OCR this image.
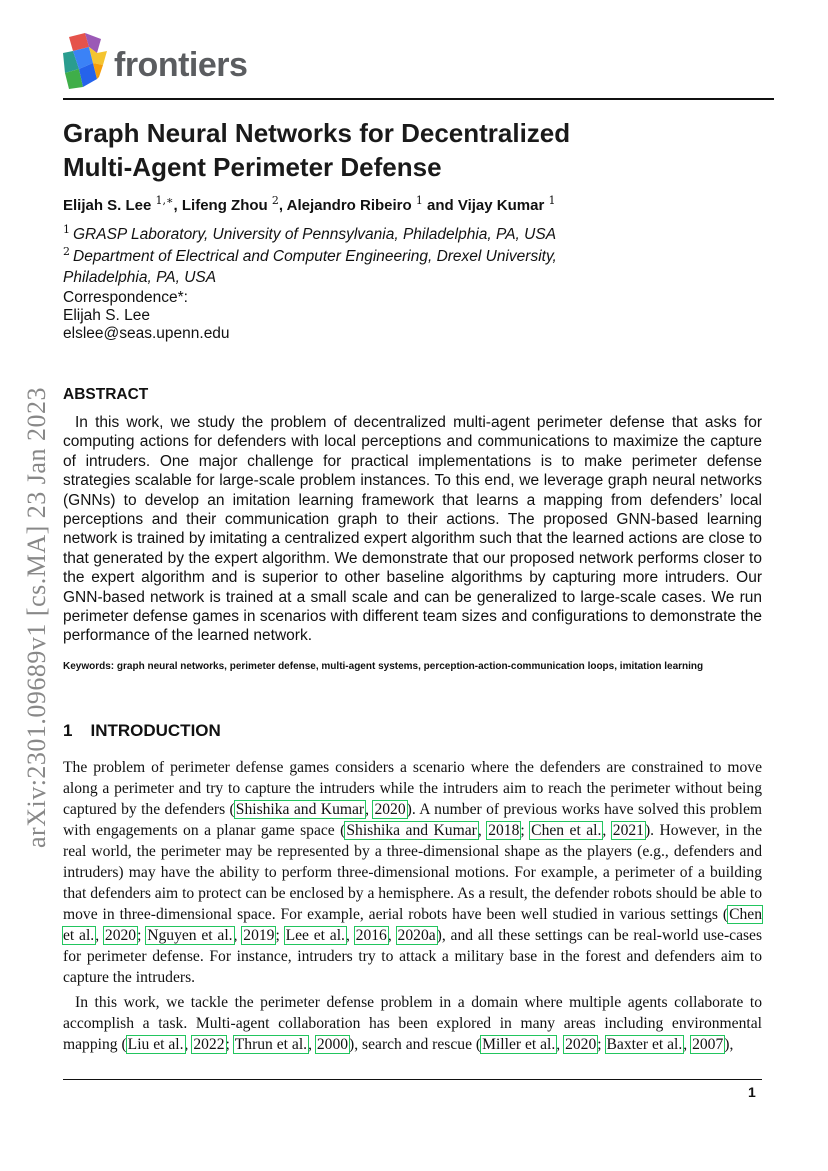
frontiers
arXiv:2301.09689v1 [cs.MA] 23 Jan 2023
Graph Neural Networks for Decentralized
Multi-Agent Perimeter Defense
Elijah S. Lee $^{1,∗}$, Lifeng Zhou $^2$, Alejandro Ribeiro $^1$ and Vijay Kumar $^1$
$^1$ GRASP Laboratory, University of Pennsylvania, Philadelphia, PA, USA
$^2$ Department of Electrical and Computer Engineering, Drexel University, Philadelphia, PA, USA
Correspondence*:
Elijah S. Lee
elslee@seas.upenn.edu
ABSTRACT
In this work, we study the problem of decentralized multi-agent perimeter defense that asks for computing actions for defenders with local perceptions and communications to maximize the capture of intruders. One major challenge for practical implementations is to make perimeter defense strategies scalable for large-scale problem instances. To this end, we leverage graph neural networks (GNNs) to develop an imitation learning framework that learns a mapping from defenders’ local perceptions and their communication graph to their actions. The proposed GNN-based learning network is trained by imitating a centralized expert algorithm such that the learned actions are close to that generated by the expert algorithm. We demonstrate that our proposed network performs closer to the expert algorithm and is superior to other baseline algorithms by capturing more intruders. Our GNN-based network is trained at a small scale and can be generalized to large-scale cases. We run perimeter defense games in scenarios with different team sizes and configurations to demonstrate the performance of the learned network.
Keywords: graph neural networks, perimeter defense, multi-agent systems, perception-action-communication loops, imitation learning
1 INTRODUCTION
The problem of perimeter defense games considers a scenario where the defenders are constrained to move along a perimeter and try to capture the intruders while the intruders aim to reach the perimeter without being captured by the defenders (Shishika and Kumar, 2020). A number of previous works have solved this problem with engagements on a planar game space (Shishika and Kumar, 2018; Chen et al., 2021). However, in the real world, the perimeter may be represented by a three-dimensional shape as the players (e.g., defenders and intruders) may have the ability to perform three-dimensional motions. For example, a perimeter of a building that defenders aim to protect can be enclosed by a hemisphere. As a result, the defender robots should be able to move in three-dimensional space. For example, aerial robots have been well studied in various settings (Chen et al., 2020; Nguyen et al., 2019; Lee et al., 2016, 2020a), and all these settings can be real-world use-cases for perimeter defense. For instance, intruders try to attack a military base in the forest and defenders aim to capture the intruders.
In this work, we tackle the perimeter defense problem in a domain where multiple agents collaborate to accomplish a task. Multi-agent collaboration has been explored in many areas including environmental mapping (Liu et al., 2022; Thrun et al., 2000), search and rescue (Miller et al., 2020; Baxter et al., 2007),
1
